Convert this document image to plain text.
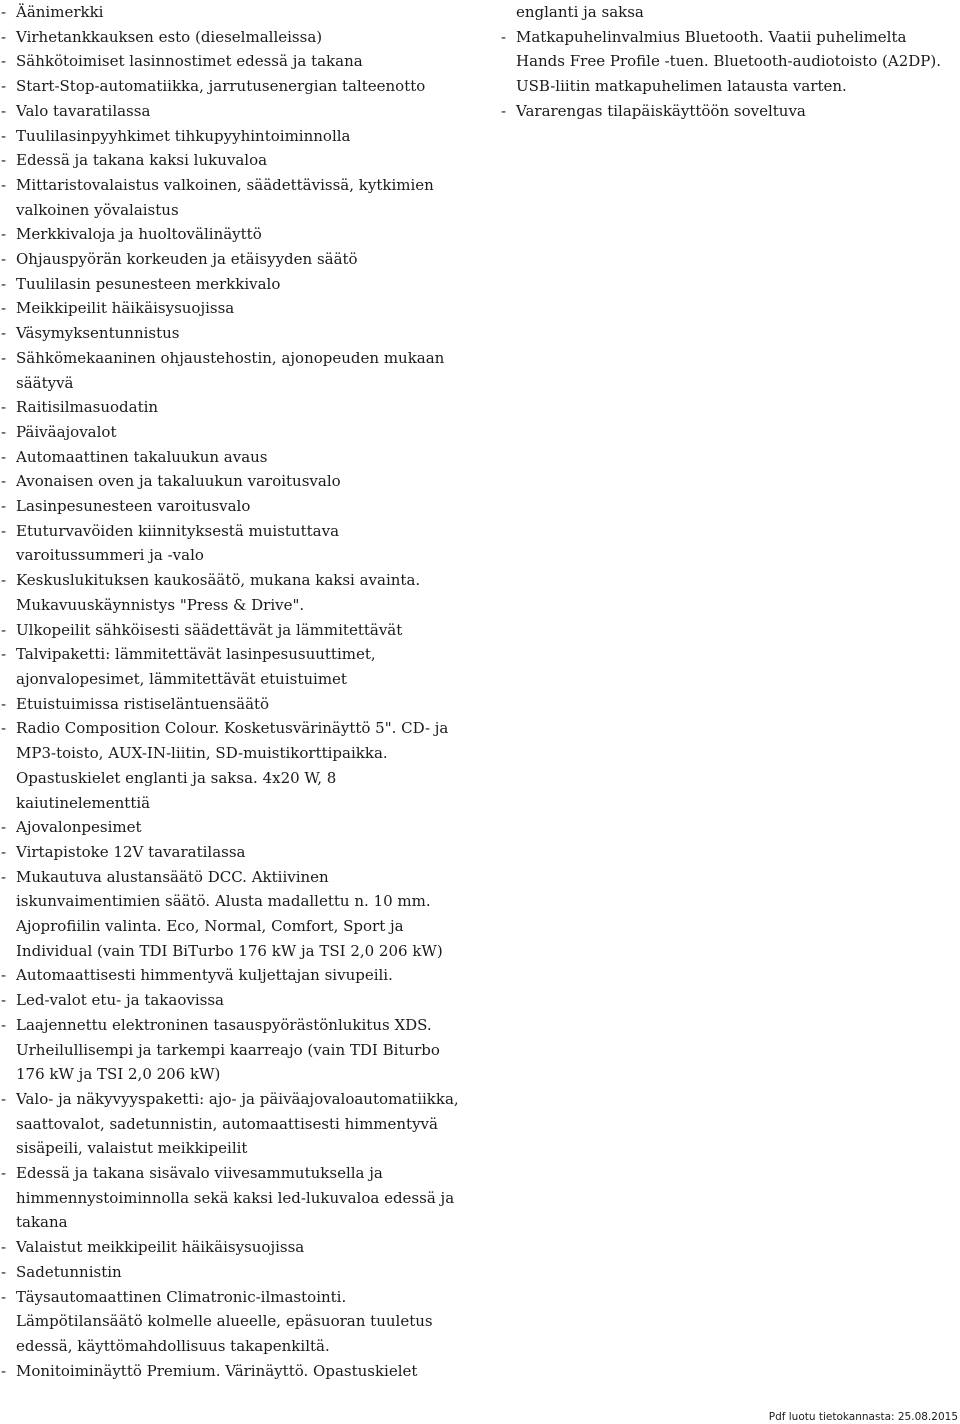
- Äänimerkki
- Virhetankkauksen esto (dieselmalleissa)
- Sähkötoimiset lasinnostimet edessä ja takana
- Start-Stop-automatiikka, jarrutusenergian talteenotto
- Valo tavaratilassa
- Tuulilasinpyyhkimet tihkupyyhintoiminnolla
- Edessä ja takana kaksi lukuvaloa
- Mittaristovalaistus valkoinen, säädettävissä, kytkimien valkoinen yövalaistus
- Merkkivaloja ja huoltovälinäyttö
- Ohjauspyörän korkeuden ja etäisyyden säätö
- Tuulilasin pesunesteen merkkivalo
- Meikkipeilit häikäisysuojissa
- Väsymyksentunnistus
- Sähkömekaaninen ohjaustehostin, ajonopeuden mukaan säätyvä
- Raitisilmasuodatin
- Päiväajovalot
- Automaattinen takaluukun avaus
- Avonaisen oven ja takaluukun varoitusvalo
- Lasinpesunesteen varoitusvalo
- Etuturvavöiden kiinnityksestä muistuttava varoitussummeri ja -valo
- Keskuslukituksen kaukosäätö, mukana kaksi avainta. Mukavuuskäynnistys "Press & Drive".
- Ulkopeilit sähköisesti säädettävät ja lämmitettävät
- Talvipaketti: lämmitettävät lasinpesusuuttimet, ajonvalopesimet, lämmitettävät etuistuimet
- Etuistuimissa ristiseläntuensäätö
- Radio Composition Colour. Kosketusvärinäyttö 5". CD- ja MP3-toisto, AUX-IN-liitin, SD-muistikorttipaikka. Opastuskielet englanti ja saksa. 4x20 W, 8 kaiutinelementtiä
- Ajovalonpesimet
- Virtapistoke 12V tavaratilassa
- Mukautuva alustansäätö DCC. Aktiivinen iskunvaimentimien säätö. Alusta madallettu n. 10 mm. Ajoprofiilin valinta. Eco, Normal, Comfort, Sport ja Individual (vain TDI BiTurbo 176 kW ja TSI 2,0 206 kW)
- Automaattisesti himmentyvä kuljettajan sivupeili.
- Led-valot etu- ja takaovissa
- Laajennettu elektroninen tasauspyörästönlukitus XDS. Urheilullisempi ja tarkempi kaarreajo (vain TDI Biturbo 176 kW ja TSI 2,0 206 kW)
- Valo- ja näkyvyyspaketti: ajo- ja päiväajovaloautomatiikka, saattovalot, sadetunnistin, automaattisesti himmentyvä sisäpeili, valaistut meikkipeilit
- Edessä ja takana sisävalo viivesammutuksella ja himmennystoiminnolla sekä kaksi led-lukuvaloa edessä ja takana
- Valaistut meikkipeilit häikäisysuojissa
- Sadetunnistin
- Täysautomaattinen Climatronic-ilmastointi. Lämpötilansäätö kolmelle alueelle, epäsuoran tuuletus edessä, käyttömahdollisuus takapenkiltä.
- Monitoiminäyttö Premium. Värinäyttö. Opastuskielet
englanti ja saksa
- Matkapuhelinvalmius Bluetooth. Vaatii puhelimelta Hands Free Profile -tuen. Bluetooth-audiotoisto (A2DP). USB-liitin matkapuhelimen latausta varten.
- Vararengas tilapäiskäyttöön soveltuva
Pdf luotu tietokannasta: 25.08.2015
